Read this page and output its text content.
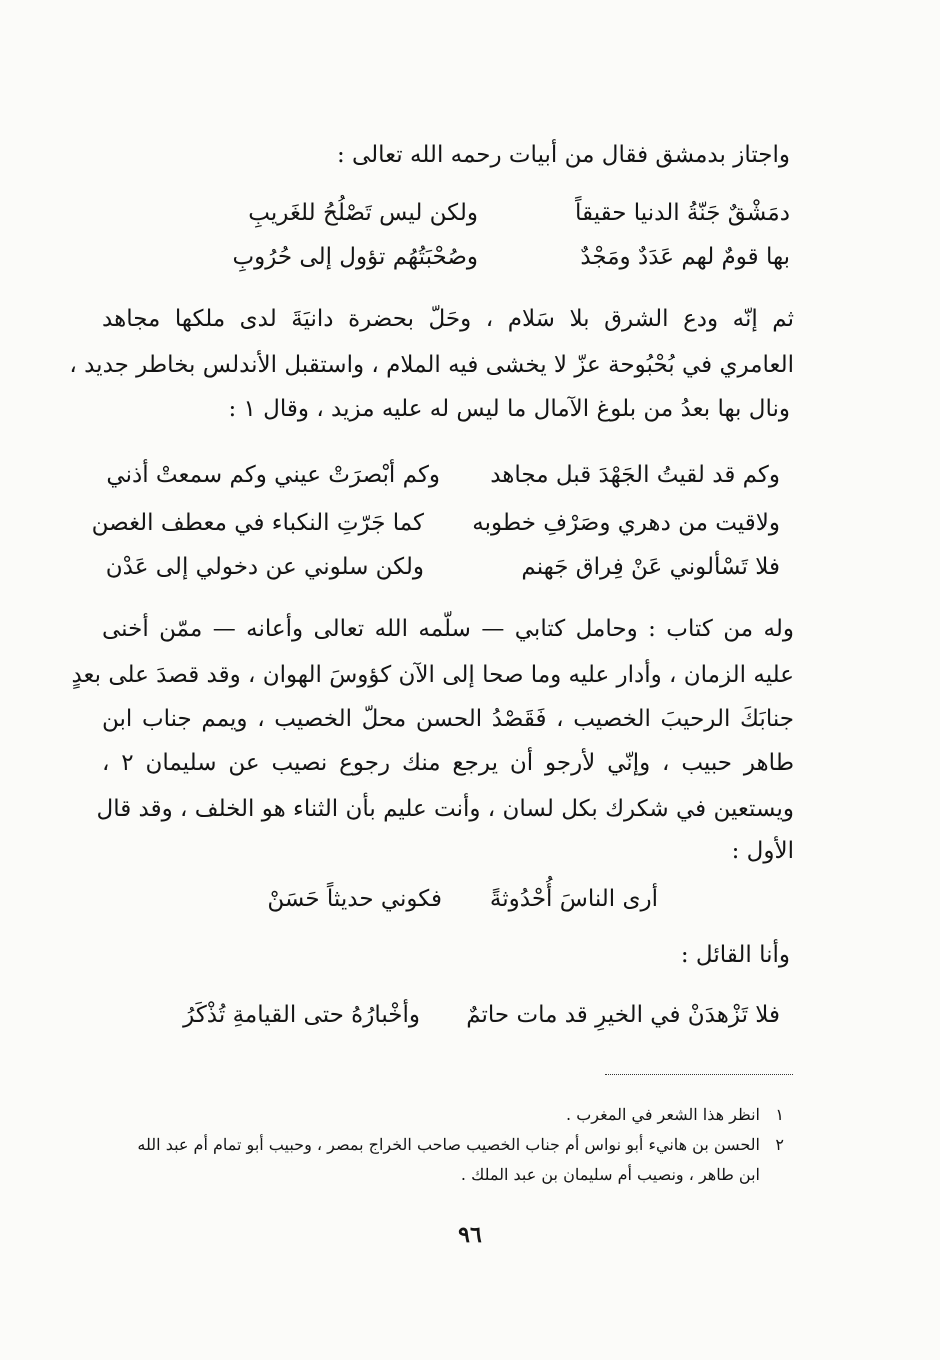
واجتاز بدمشق فقال من أبيات رحمه الله تعالى :
دمَشْقٌ جَنّةُ الدنيا حقيقاً
ولكن ليس تَصْلُحُ للغَريبِ
بها قومٌ لهم عَدَدٌ ومَجْدٌ
وصُحْبَتُهُم تؤول إلى حُرُوبِ
ثم إنّه ودع الشرق بلا سَلام ، وحَلّ بحضرة دانيَةَ لدى ملكها مجاهد
العامري في بُحْبُوحة عزّ لا يخشى فيه الملام ، واستقبل الأندلس بخاطر جديد ،
ونال بها بعدُ من بلوغ الآمال ما ليس له عليه مزيد ، وقال ١ :
وكم قد لقيتُ الجَهْدَ قبل مجاهد
وكم أبْصرَتْ عيني وكم سمعتْ أذني
ولاقيت من دهري وصَرْفِ خطوبه
كما جَرّتِ النكباء في معطف الغصن
فلا تَسْألوني عَنْ فِراق جَهنم
ولكن سلوني عن دخولي إلى عَدْن
وله من كتاب : وحامل كتابي — سلّمه الله تعالى وأعانه — ممّن أخنى
عليه الزمان ، وأدار عليه وما صحا إلى الآن كؤوسَ الهوان ، وقد قصدَ على بعدٍ
جنابَكَ الرحيبَ الخصيب ، فَقَصْدُ الحسن محلّ الخصيب ، ويمم جناب ابن
طاهر حبيب ، وإنّي لأرجو أن يرجع منك رجوع نصيب عن سليمان ٢ ،
ويستعين في شكرك بكل لسان ، وأنت عليم بأن الثناء هو الخلف ، وقد قال
الأول :
أرى الناسَ أُحْدُوثةً
فكوني حديثاً حَسَنْ
وأنا القائل :
فلا تَزْهدَنْ في الخيرِ قد مات حاتمٌ
وأخْبارُهُ حتى القيامةِ تُذْكَرُ
١
انظر هذا الشعر في المغرب .
٢
الحسن بن هانيء أبو نواس أم جناب الخصيب صاحب الخراج بمصر ، وحبيب أبو تمام أم عبد الله
ابن طاهر ، ونصيب أم سليمان بن عبد الملك .
٩٦
